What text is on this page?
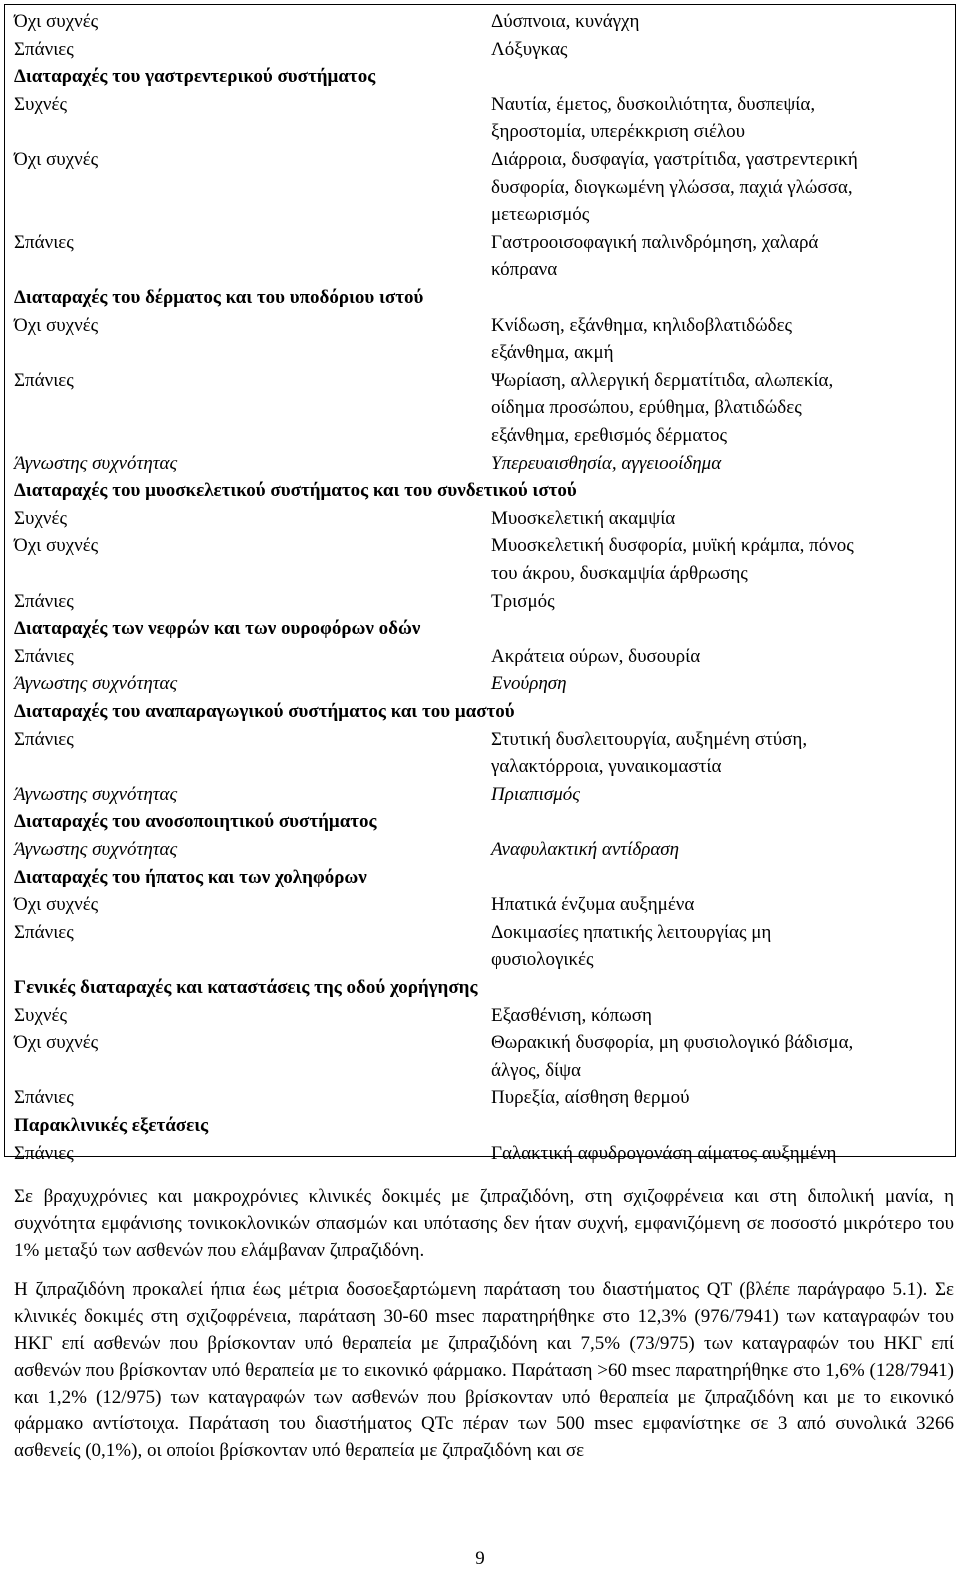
Όχι συχνές	Δύσπνοια, κυνάγχη
Σπάνιες	Λόξυγκας
Διαταραχές του γαστρεντερικού συστήματος
Συχνές	Ναυτία, έμετος, δυσκοιλιότητα, δυσπεψία,
ξηροστομία, υπερέκκριση σιέλου
Όχι συχνές	Διάρροια, δυσφαγία, γαστρίτιδα, γαστρεντερική
δυσφορία, διογκωμένη γλώσσα, παχιά γλώσσα,
μετεωρισμός
Σπάνιες	Γαστροοισοφαγική παλινδρόμηση, χαλαρά
κόπρανα
Διαταραχές του δέρματος και του υποδόριου ιστού
Όχι συχνές	Κνίδωση, εξάνθημα, κηλιδοβλατιδώδες
εξάνθημα, ακμή
Σπάνιες	Ψωρίαση, αλλεργική δερματίτιδα, αλωπεκία,
οίδημα προσώπου, ερύθημα, βλατιδώδες
εξάνθημα, ερεθισμός δέρματος
Άγνωστης συχνότητας	Υπερευαισθησία, αγγειοοίδημα
Διαταραχές του μυοσκελετικού συστήματος και του συνδετικού ιστού
Συχνές	Μυοσκελετική ακαμψία
Όχι συχνές	Μυοσκελετική δυσφορία, μυϊκή κράμπα, πόνος
του άκρου, δυσκαμψία άρθρωσης
Σπάνιες	Τρισμός
Διαταραχές των νεφρών και των ουροφόρων οδών
Σπάνιες	Ακράτεια ούρων, δυσουρία
Άγνωστης συχνότητας	Ενούρηση
Διαταραχές του αναπαραγωγικού συστήματος και του μαστού
Σπάνιες	Στυτική δυσλειτουργία, αυξημένη στύση,
γαλακτόρροια, γυναικομαστία
Άγνωστης συχνότητας	Πριαπισμός
Διαταραχές του ανοσοποιητικού συστήματος
Άγνωστης συχνότητας	Αναφυλακτική αντίδραση
Διαταραχές του ήπατος και των χοληφόρων
Όχι συχνές	Ηπατικά ένζυμα αυξημένα
Σπάνιες	Δοκιμασίες ηπατικής λειτουργίας μη
φυσιολογικές
Γενικές διαταραχές και καταστάσεις της οδού χορήγησης
Συχνές	Εξασθένιση, κόπωση
Όχι συχνές	Θωρακική δυσφορία, μη φυσιολογικό βάδισμα,
άλγος, δίψα
Σπάνιες	Πυρεξία, αίσθηση θερμού
Παρακλινικές εξετάσεις
Σπάνιες	Γαλακτική αφυδρογονάση αίματος αυξημένη

Σε βραχυχρόνιες και μακροχρόνιες κλινικές δοκιμές με ζιπραζιδόνη, στη σχιζοφρένεια και στη διπολική μανία, η συχνότητα εμφάνισης τονικοκλονικών σπασμών και υπότασης δεν ήταν συχνή, εμφανιζόμενη σε ποσοστό μικρότερο του 1% μεταξύ των ασθενών που ελάμβαναν ζιπραζιδόνη.

Η ζιπραζιδόνη προκαλεί ήπια έως μέτρια δοσοεξαρτώμενη παράταση του διαστήματος QT (βλέπε παράγραφο 5.1). Σε κλινικές δοκιμές στη σχιζοφρένεια, παράταση 30-60 msec παρατηρήθηκε στο 12,3% (976/7941) των καταγραφών του ΗΚΓ επί ασθενών που βρίσκονταν υπό θεραπεία με ζιπραζιδόνη και 7,5% (73/975) των καταγραφών του ΗΚΓ επί ασθενών που βρίσκονταν υπό θεραπεία με το εικονικό φάρμακο. Παράταση >60 msec παρατηρήθηκε στο 1,6% (128/7941) και 1,2% (12/975) των καταγραφών των ασθενών που βρίσκονταν υπό θεραπεία με ζιπραζιδόνη και με το εικονικό φάρμακο αντίστοιχα. Παράταση του διαστήματος QTc πέραν των 500 msec εμφανίστηκε σε 3 από συνολικά 3266 ασθενείς (0,1%), οι οποίοι βρίσκονταν υπό θεραπεία με ζιπραζιδόνη και σε

9
